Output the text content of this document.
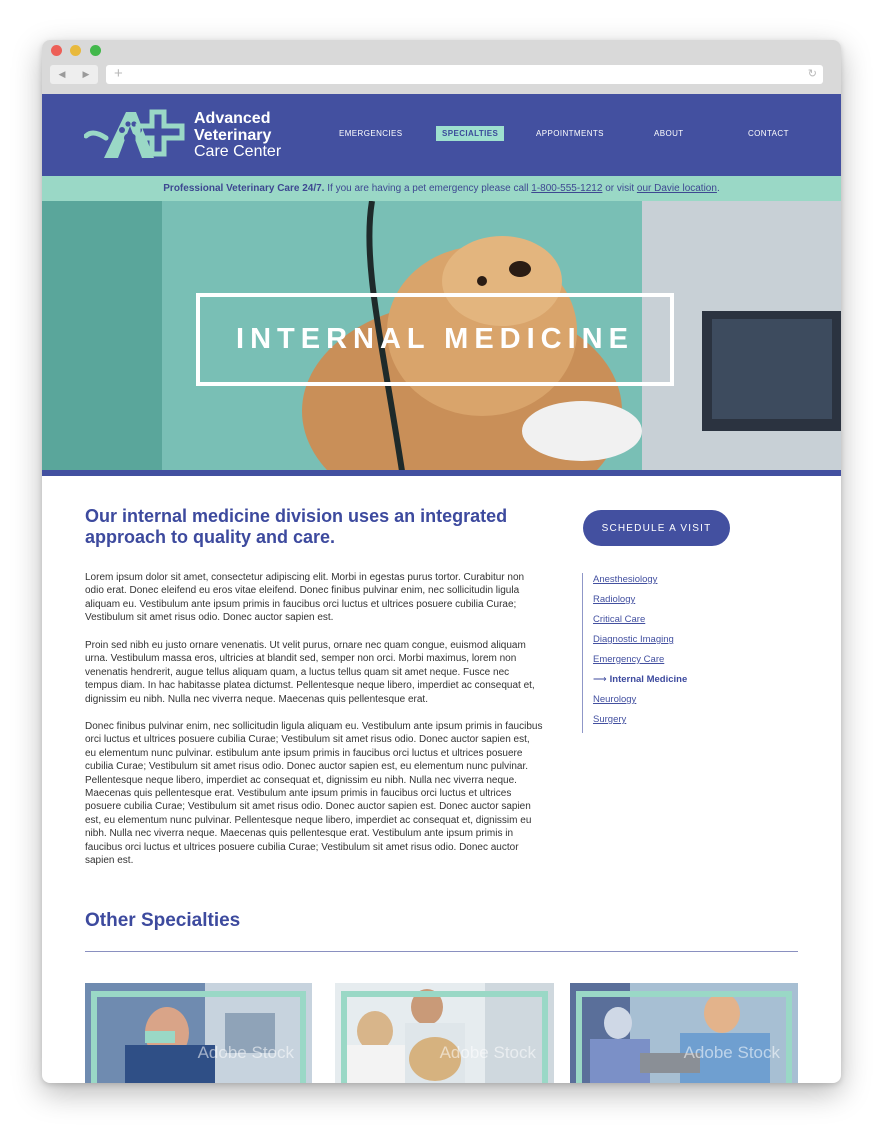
◀ ▶ +	↻
Advanced
Veterinary
Care Center
EMERGENCIES	SPECIALTIES	APPOINTMENTS	ABOUT	CONTACT
Professional Veterinary Care 24/7. If you are having a pet emergency please call 1-800-555-1212 or visit our Davie location.
INTERNAL MEDICINE
Our internal medicine division uses an integrated approach to quality and care.

Lorem ipsum dolor sit amet, consectetur adipiscing elit. Morbi in egestas purus tortor. Curabitur non odio erat. Donec eleifend eu eros vitae eleifend. Donec finibus pulvinar enim, nec sollicitudin ligula aliquam eu. Vestibulum ante ipsum primis in faucibus orci luctus et ultrices posuere cubilia Curae; Vestibulum sit amet risus odio. Donec auctor sapien est.

Proin sed nibh eu justo ornare venenatis. Ut velit purus, ornare nec quam congue, euismod aliquam urna. Vestibulum massa eros, ultricies at blandit sed, semper non orci. Morbi maximus, lorem non venenatis hendrerit, augue tellus aliquam quam, a luctus tellus quam sit amet neque. Fusce nec tempus diam. In hac habitasse platea dictumst. Pellentesque neque libero, imperdiet ac consequat et, dignissim eu nibh. Nulla nec viverra neque. Maecenas quis pellentesque erat.

Donec finibus pulvinar enim, nec sollicitudin ligula aliquam eu. Vestibulum ante ipsum primis in faucibus orci luctus et ultrices posuere cubilia Curae; Vestibulum sit amet risus odio. Donec auctor sapien est, eu elementum nunc pulvinar. estibulum ante ipsum primis in faucibus orci luctus et ultrices posuere cubilia Curae; Vestibulum sit amet risus odio. Donec auctor sapien est, eu elementum nunc pulvinar. Pellentesque neque libero, imperdiet ac consequat et, dignissim eu nibh. Nulla nec viverra neque. Maecenas quis pellentesque erat. Vestibulum ante ipsum primis in faucibus orci luctus et ultrices posuere cubilia Curae; Vestibulum sit amet risus odio. Donec auctor sapien est. Donec auctor sapien est, eu elementum nunc pulvinar. Pellentesque neque libero, imperdiet ac consequat et, dignissim eu nibh. Nulla nec viverra neque. Maecenas quis pellentesque erat. Vestibulum ante ipsum primis in faucibus orci luctus et ultrices posuere cubilia Curae; Vestibulum sit amet risus odio. Donec auctor sapien est.

SCHEDULE A VISIT
Anesthesiology
Radiology
Critical Care
Diagnostic Imaging
Emergency Care
⟶ Internal Medicine
Neurology
Surgery
Other Specialties
Adobe Stock	Adobe Stock	Adobe Stock
